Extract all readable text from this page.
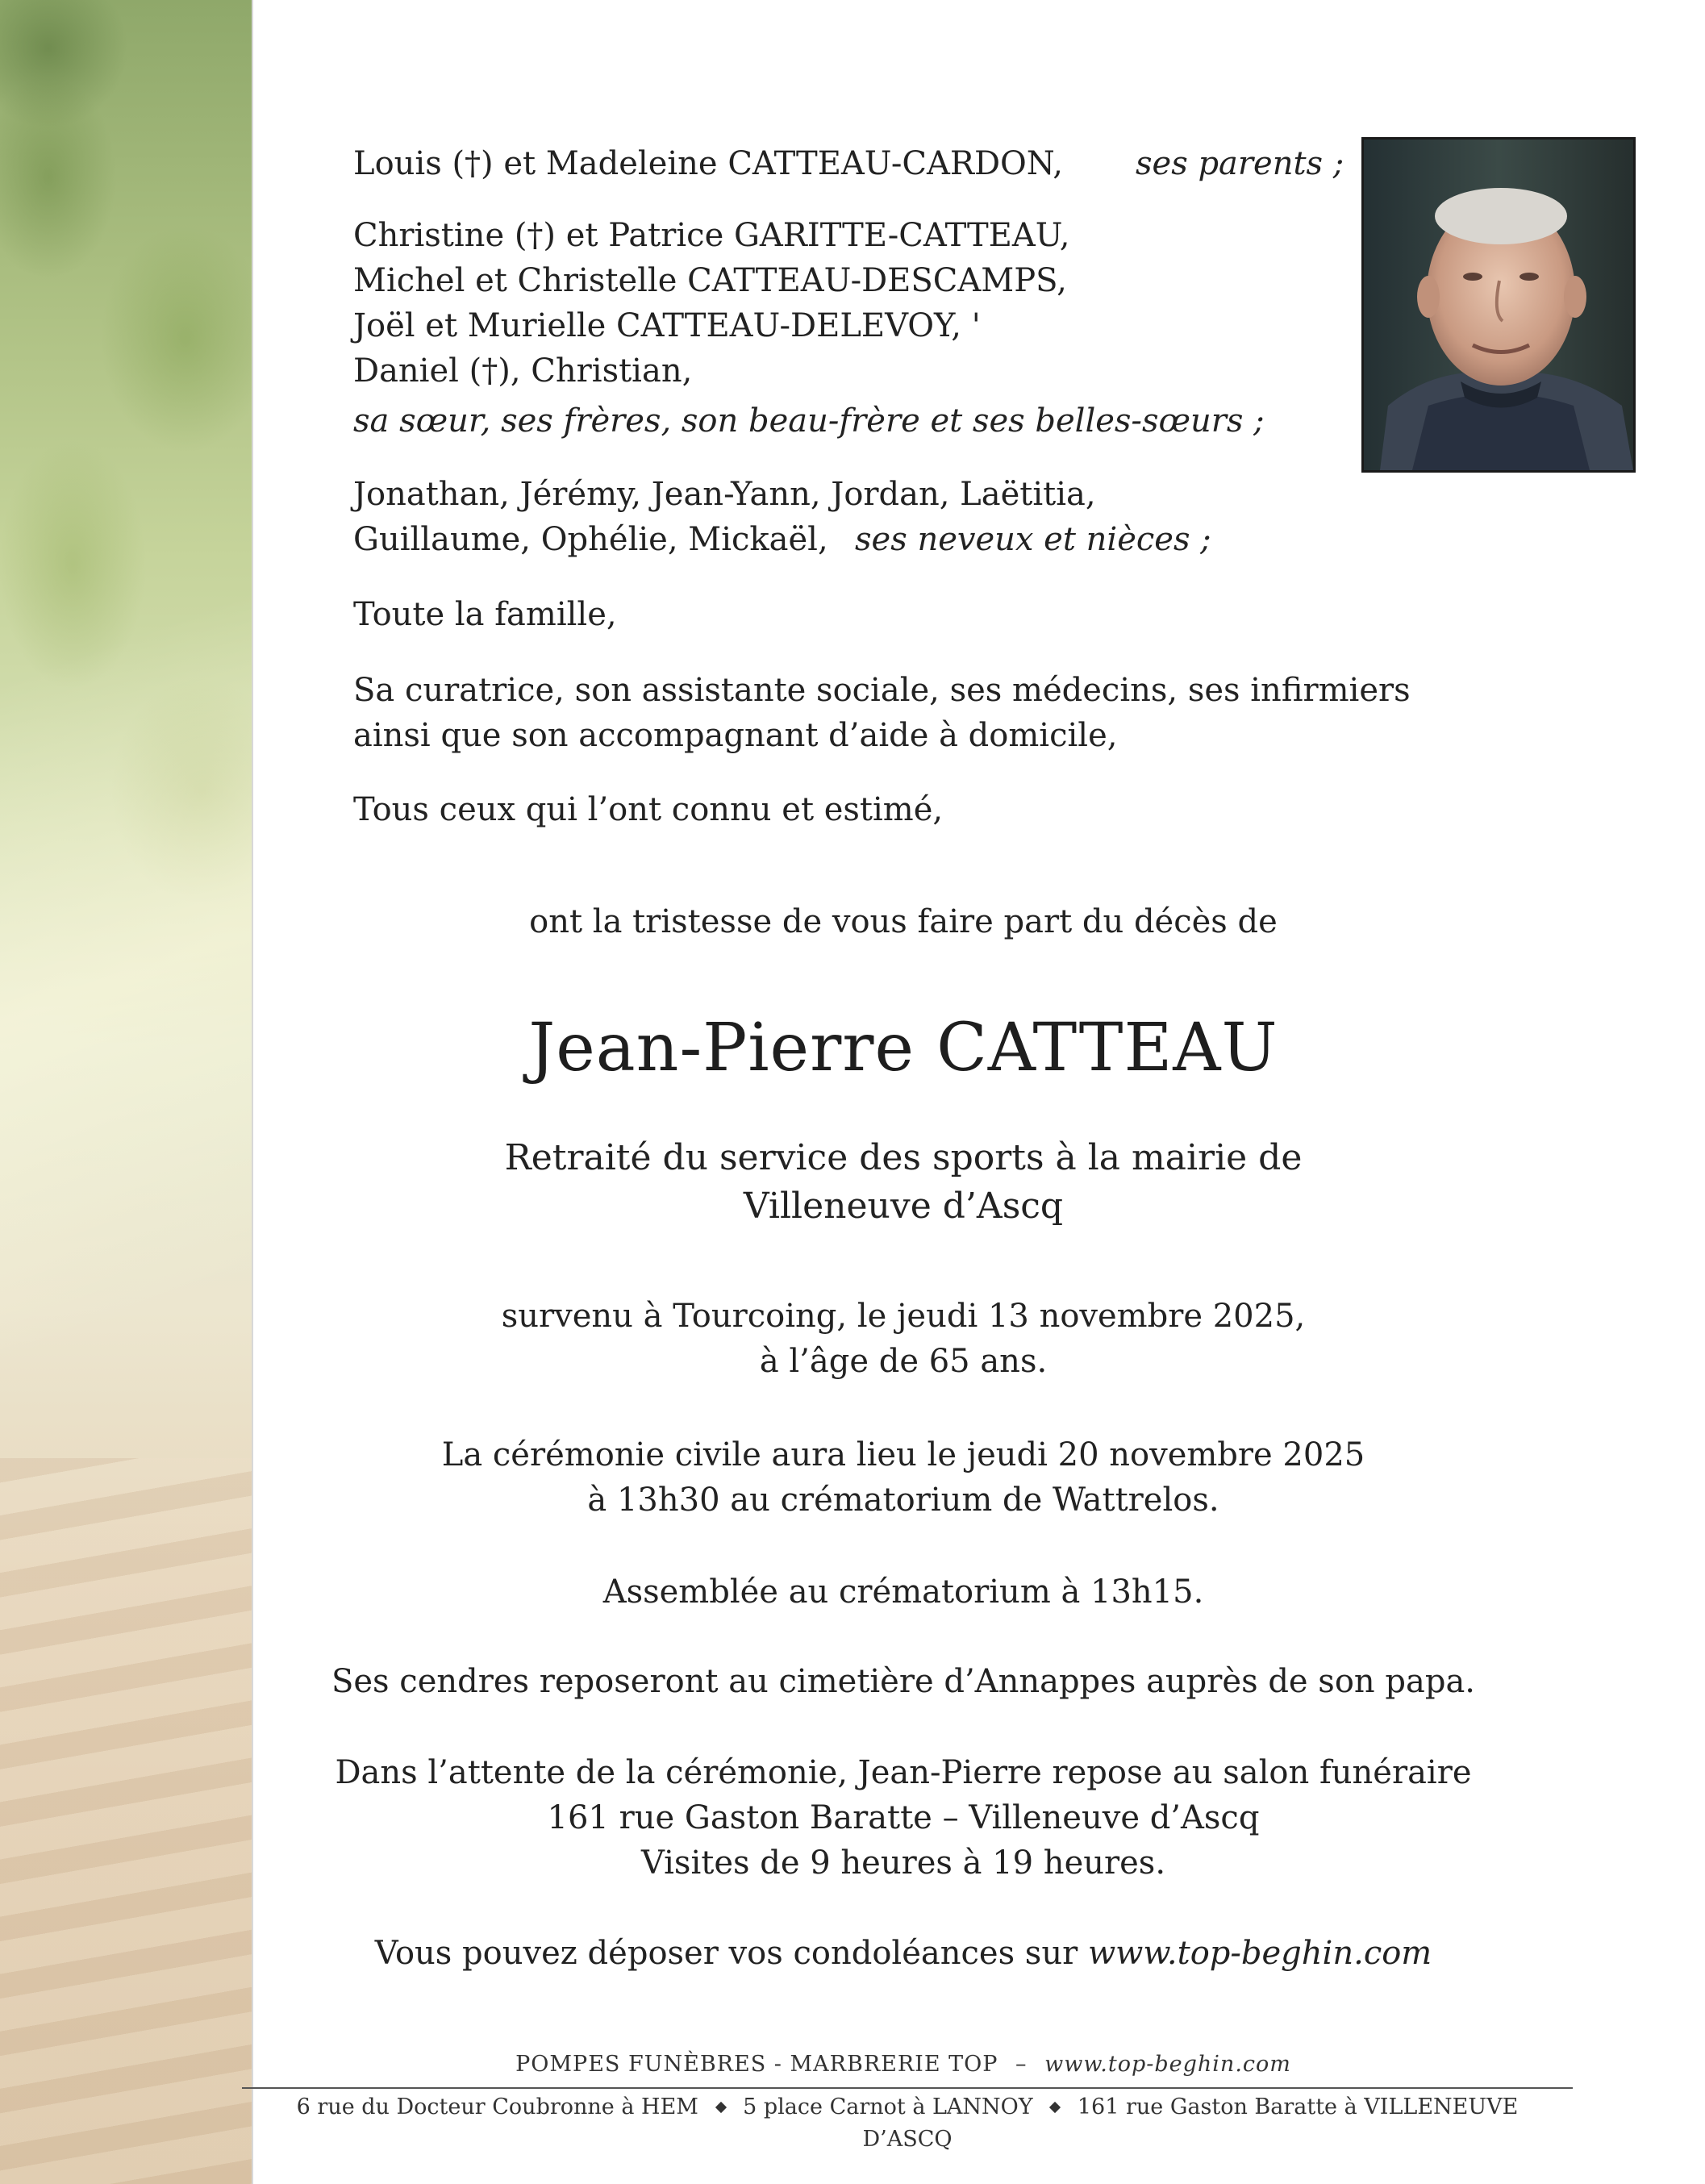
Louis (†) et Madeleine CATTEAU-CARDON, ses parents ;
Christine (†) et Patrice GARITTE-CATTEAU,
Michel et Christelle CATTEAU-DESCAMPS,
Joël et Murielle CATTEAU-DELEVOY, '
Daniel (†), Christian,
sa sœur, ses frères, son beau-frère et ses belles-sœurs ;
Jonathan, Jérémy, Jean-Yann, Jordan, Laëtitia,
Guillaume, Ophélie, Mickaël, ses neveux et nièces ;
Toute la famille,
Sa curatrice, son assistante sociale, ses médecins, ses infirmiers
ainsi que son accompagnant d’aide à domicile,
Tous ceux qui l’ont connu et estimé,
ont la tristesse de vous faire part du décès de
Jean-Pierre CATTEAU
Retraité du service des sports à la mairie de
Villeneuve d’Ascq
survenu à Tourcoing, le jeudi 13 novembre 2025,
à l’âge de 65 ans.
La cérémonie civile aura lieu le jeudi 20 novembre 2025
à 13h30 au crématorium de Wattrelos.
Assemblée au crématorium à 13h15.
Ses cendres reposeront au cimetière d’Annappes auprès de son papa.
Dans l’attente de la cérémonie, Jean-Pierre repose au salon funéraire
161 rue Gaston Baratte – Villeneuve d’Ascq
Visites de 9 heures à 19 heures.
Vous pouvez déposer vos condoléances sur www.top-beghin.com
POMPES FUNÈBRES - MARBRERIE TOP – www.top-beghin.com
6 rue du Docteur Coubronne à HEM 5 place Carnot à LANNOY 161 rue Gaston Baratte à VILLENEUVE D’ASCQ
